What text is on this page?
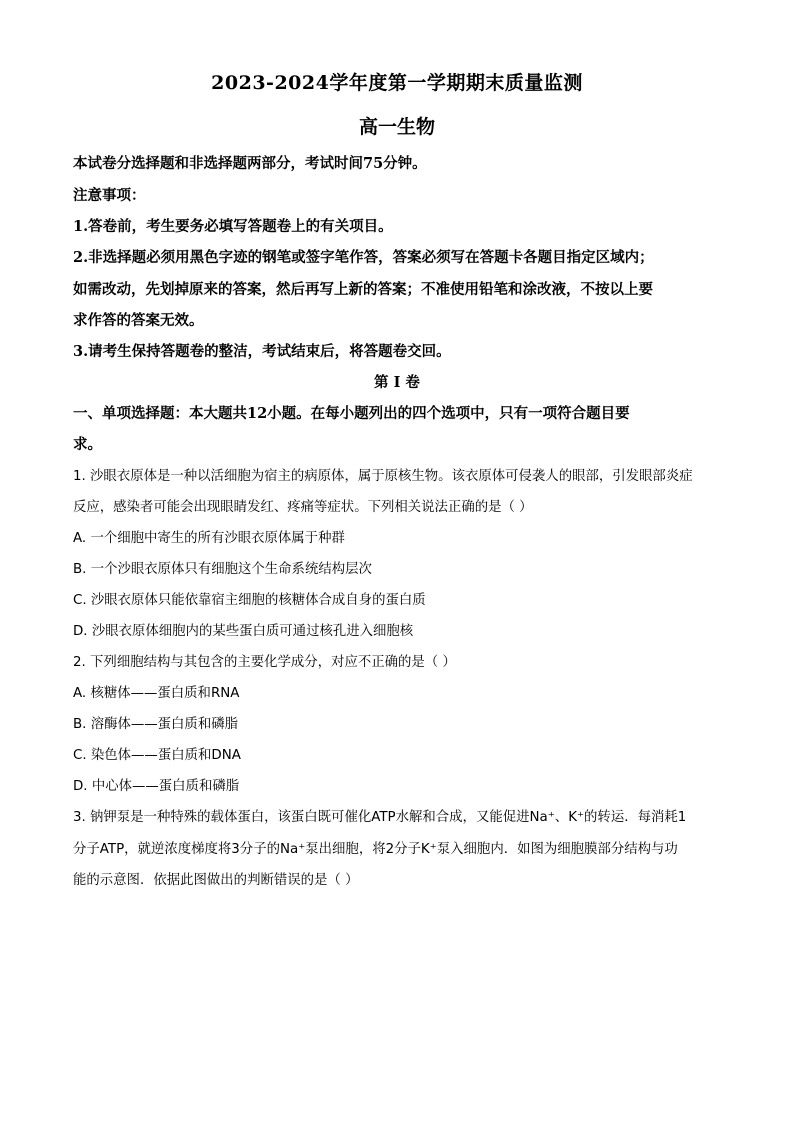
2023-2024学年度第一学期期末质量监测
高一生物
本试卷分选择题和非选择题两部分，考试时间75分钟。
注意事项：
1.答卷前，考生要务必填写答题卷上的有关项目。
2.非选择题必须用黑色字迹的钢笔或签字笔作答，答案必须写在答题卡各题目指定区域内；
如需改动，先划掉原来的答案，然后再写上新的答案；不准使用铅笔和涂改液，不按以上要
求作答的答案无效。
3.请考生保持答题卷的整洁，考试结束后，将答题卷交回。
第 I 卷
一、单项选择题：本大题共12小题。在每小题列出的四个选项中，只有一项符合题目要
求。
1. 沙眼衣原体是一种以活细胞为宿主的病原体，属于原核生物。该衣原体可侵袭人的眼部，引发眼部炎症
反应，感染者可能会出现眼睛发红、疼痛等症状。下列相关说法正确的是（ ）
A. 一个细胞中寄生的所有沙眼衣原体属于种群
B. 一个沙眼衣原体只有细胞这个生命系统结构层次
C. 沙眼衣原体只能依靠宿主细胞的核糖体合成自身的蛋白质
D. 沙眼衣原体细胞内的某些蛋白质可通过核孔进入细胞核
2. 下列细胞结构与其包含的主要化学成分，对应不正确的是（ ）
A. 核糖体——蛋白质和RNA
B. 溶酶体——蛋白质和磷脂
C. 染色体——蛋白质和DNA
D. 中心体——蛋白质和磷脂
3. 钠钾泵是一种特殊的载体蛋白，该蛋白既可催化ATP水解和合成，又能促进Na⁺、K⁺的转运．每消耗1
分子ATP，就逆浓度梯度将3分子的Na⁺泵出细胞，将2分子K⁺泵入细胞内．如图为细胞膜部分结构与功
能的示意图．依据此图做出的判断错误的是（ ）
